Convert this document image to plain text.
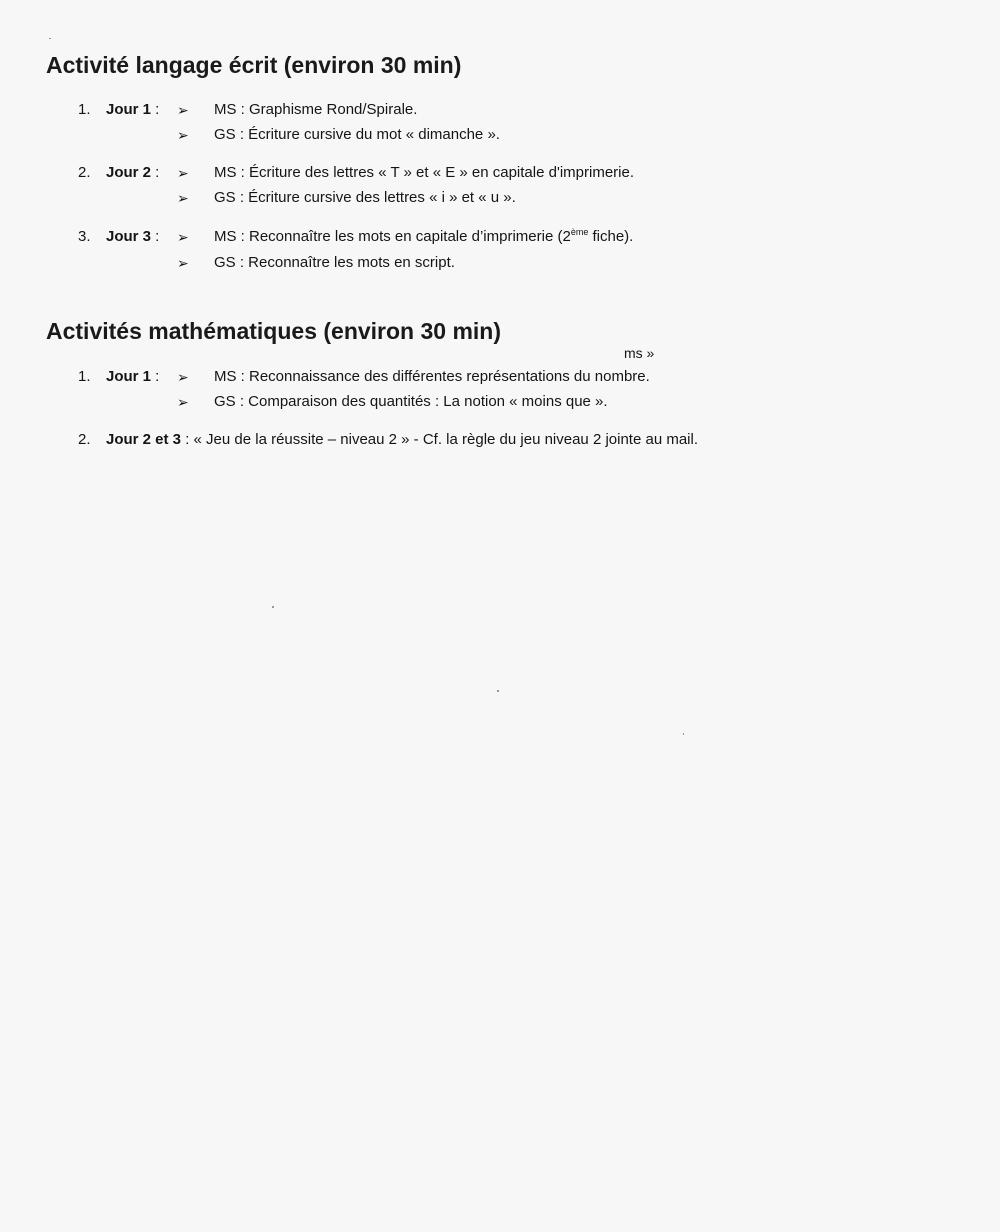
Activité langage écrit (environ 30 min)
1. Jour 1 : ➢ MS : Graphisme Rond/Spirale.
➢ GS : Écriture cursive du mot « dimanche ».
2. Jour 2 : ➢ MS : Écriture des lettres « T » et « E » en capitale d'imprimerie.
➢ GS : Écriture cursive des lettres « i » et « u ».
3. Jour 3 : ➢ MS : Reconnaître les mots en capitale d’imprimerie (2ème fiche).
➢ GS : Reconnaître les mots en script.
Activités mathématiques (environ 30 min)
ms »
1. Jour 1 : ➢ MS : Reconnaissance des différentes représentations du nombre.
➢ GS : Comparaison des quantités : La notion « moins que ».
2. Jour 2 et 3 : « Jeu de la réussite – niveau 2 » - Cf. la règle du jeu niveau 2 jointe au mail.
